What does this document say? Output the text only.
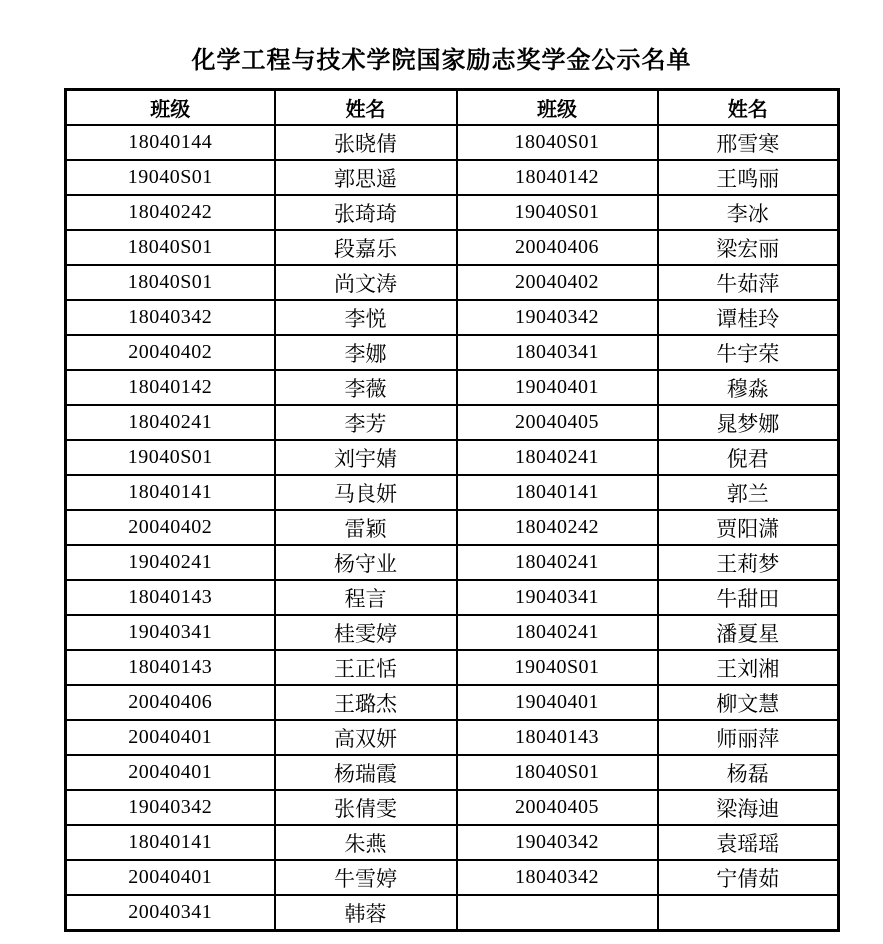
化学工程与技术学院国家励志奖学金公示名单
班级	姓名	班级	姓名
18040144	张晓倩	18040S01	邢雪寒
19040S01	郭思遥	18040142	王鸣丽
18040242	张琦琦	19040S01	李冰
18040S01	段嘉乐	20040406	梁宏丽
18040S01	尚文涛	20040402	牛茹萍
18040342	李悦	19040342	谭桂玲
20040402	李娜	18040341	牛宇荣
18040142	李薇	19040401	穆淼
18040241	李芳	20040405	晁梦娜
19040S01	刘宇婧	18040241	倪君
18040141	马良妍	18040141	郭兰
20040402	雷颖	18040242	贾阳潇
19040241	杨守业	18040241	王莉梦
18040143	程言	19040341	牛甜田
19040341	桂雯婷	18040241	潘夏星
18040143	王正恬	19040S01	王刘湘
20040406	王璐杰	19040401	柳文慧
20040401	高双妍	18040143	师丽萍
20040401	杨瑞霞	18040S01	杨磊
19040342	张倩雯	20040405	梁海迪
18040141	朱燕	19040342	袁瑶瑶
20040401	牛雪婷	18040342	宁倩茹
20040341	韩蓉		
